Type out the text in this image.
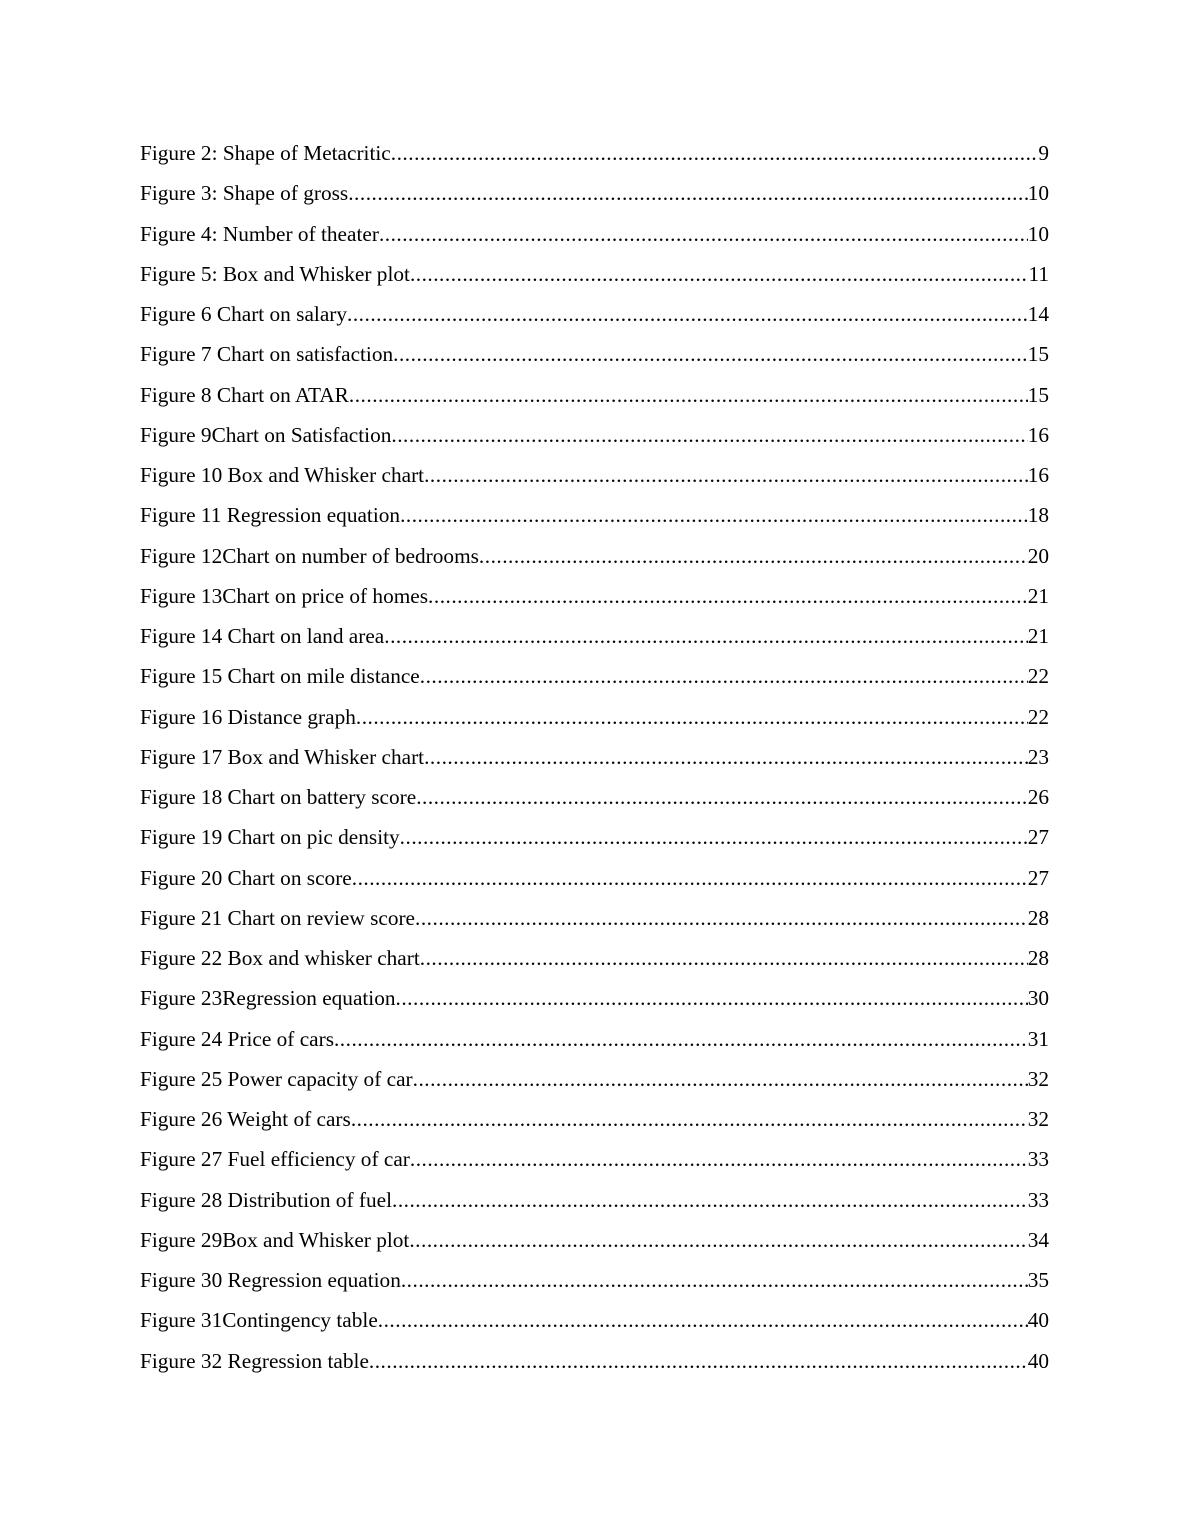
Figure 2: Shape of Metacritic .....	9
Figure 3: Shape of gross .....	10
Figure 4: Number of theater .....	10
Figure 5: Box and Whisker plot .....	11
Figure 6 Chart on salary .....	14
Figure 7 Chart on satisfaction .....	15
Figure 8 Chart on ATAR .....	15
Figure 9Chart on Satisfaction .....	16
Figure 10 Box and Whisker chart .....	16
Figure 11 Regression equation .....	18
Figure 12Chart on number of bedrooms .....	20
Figure 13Chart on price of homes .....	21
Figure 14 Chart on land area .....	21
Figure 15 Chart on mile distance .....	22
Figure 16 Distance graph .....	22
Figure 17 Box and Whisker chart .....	23
Figure 18 Chart on battery score .....	26
Figure 19 Chart on pic density .....	27
Figure 20 Chart on score .....	27
Figure 21 Chart on review score .....	28
Figure 22 Box and whisker chart .....	28
Figure 23Regression equation .....	30
Figure 24 Price of cars .....	31
Figure 25 Power capacity of car .....	32
Figure 26 Weight of cars .....	32
Figure 27 Fuel efficiency of car .....	33
Figure 28 Distribution of fuel .....	33
Figure 29Box and Whisker plot .....	34
Figure 30 Regression equation .....	35
Figure 31Contingency table .....	40
Figure 32 Regression table .....	40
